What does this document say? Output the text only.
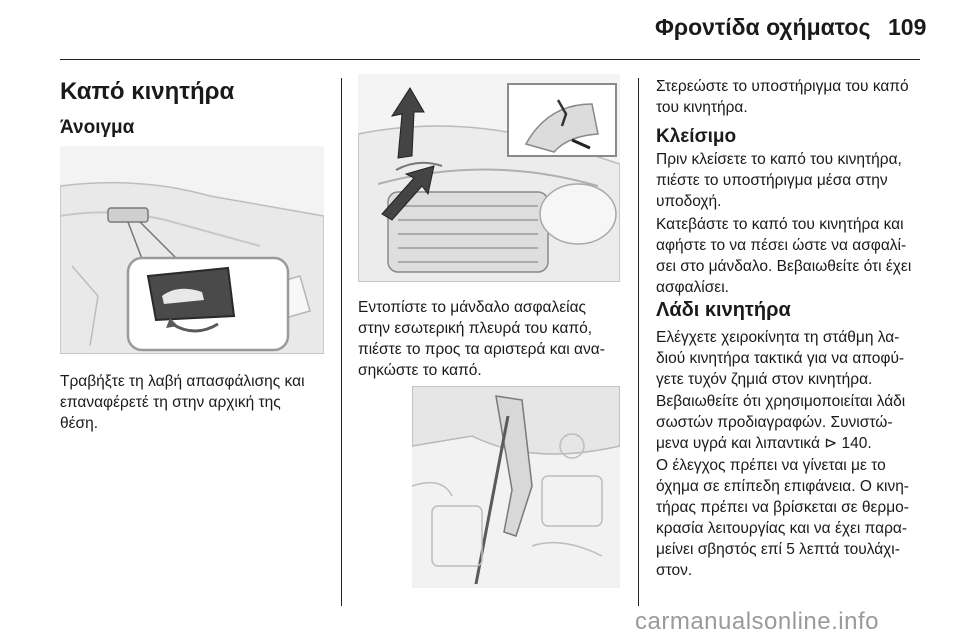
Φροντίδα οχήματος 109
Καπό κινητήρα
Άνοιγμα
Τραβήξτε τη λαβή απασφάλισης και
επαναφέρετέ τη στην αρχική της
θέση.
Εντοπίστε το μάνδαλο ασφαλείας
στην εσωτερική πλευρά του καπό,
πιέστε το προς τα αριστερά και ανα-
σηκώστε το καπό.
Στερεώστε το υποστήριγμα του καπό
του κινητήρα.
Κλείσιμο
Πριν κλείσετε το καπό του κινητήρα,
πιέστε το υποστήριγμα μέσα στην
υποδοχή.
Κατεβάστε το καπό του κινητήρα και
αφήστε το να πέσει ώστε να ασφαλί-
σει στο μάνδαλο. Βεβαιωθείτε ότι έχει
ασφαλίσει.
Λάδι κινητήρα
Ελέγχετε χειροκίνητα τη στάθμη λα-
διού κινητήρα τακτικά για να αποφύ-
γετε τυχόν ζημιά στον κινητήρα.
Βεβαιωθείτε ότι χρησιμοποιείται λάδι
σωστών προδιαγραφών. Συνιστώ-
μενα υγρά και λιπαντικά ⊳ 140.
Ο έλεγχος πρέπει να γίνεται με το
όχημα σε επίπεδη επιφάνεια. Ο κινη-
τήρας πρέπει να βρίσκεται σε θερμο-
κρασία λειτουργίας και να έχει παρα-
μείνει σβηστός επί 5 λεπτά τουλάχι-
στον.
carmanualsonline.info
